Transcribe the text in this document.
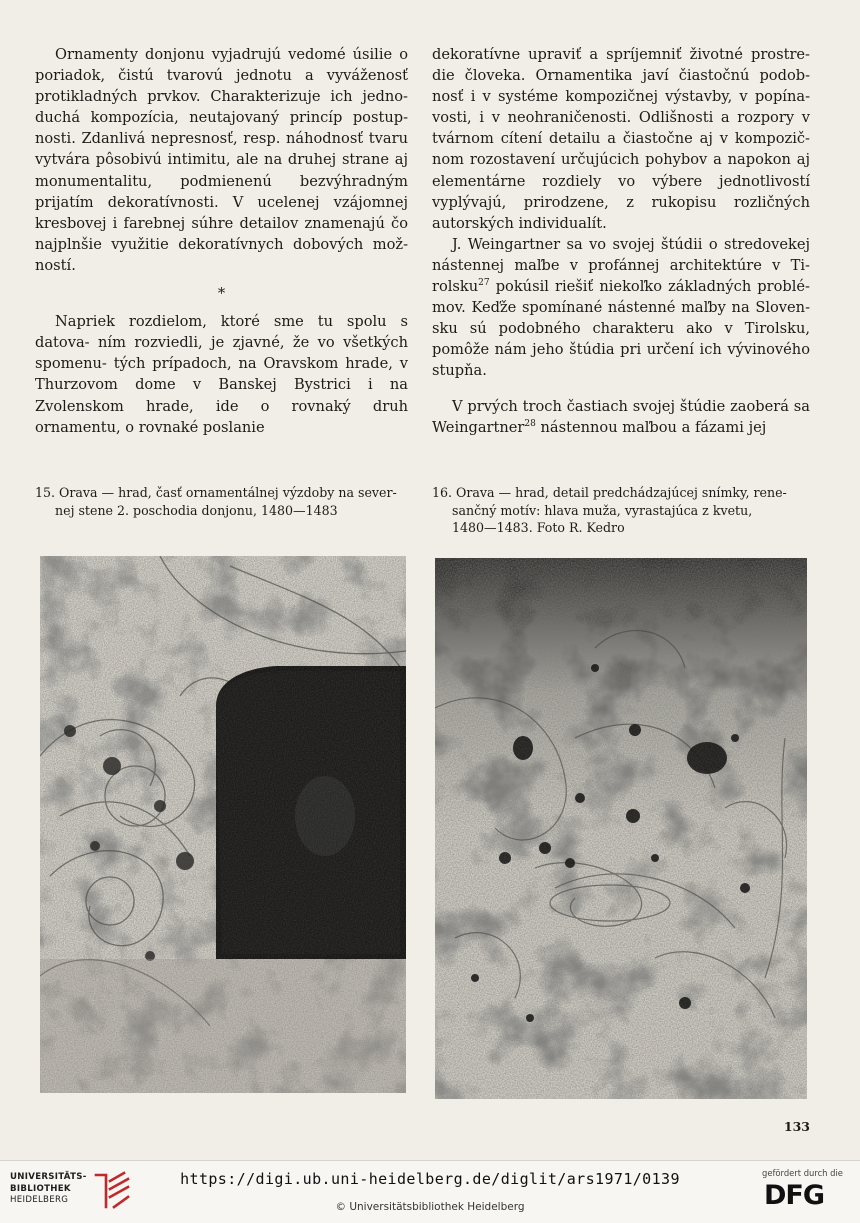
Ornamenty donjonu vyjadrujú vedomé úsilie o poriadok, čistú tvarovú jednotu a vyváženosť protikladných prvkov. Charakterizuje ich jedno- duchá kompozícia, neutajovaný princíp postup- nosti. Zdanlivá nepresnosť, resp. náhodnosť tvaru vytvára pôsobivú intimitu, ale na druhej strane aj monumentalitu, podmienenú bezvýhradným prijatím dekoratívnosti. V ucelenej vzájomnej kresbovej i farebnej súhre detailov znamenajú čo najplnšie využitie dekoratívnych dobových mož- ností.

*

Napriek rozdielom, ktoré sme tu spolu s datova- ním rozviedli, je zjavné, že vo všetkých spomenu- tých prípadoch, na Oravskom hrade, v Thurzovom dome v Banskej Bystrici i na Zvolenskom hrade, ide o rovnaký druh ornamentu, o rovnaké poslanie

dekoratívne upraviť a spríjemniť životné prostre- die človeka. Ornamentika javí čiastočnú podob- nosť i v systéme kompozičnej výstavby, v popína- vosti, i v neohraničenosti. Odlišnosti a rozpory v tvárnom cítení detailu a čiastočne aj v kompozič- nom rozostavení určujúcich pohybov a napokon aj elementárne rozdiely vo výbere jednotlivostí vyplývajú, prirodzene, z rukopisu rozličných autorských individualít.

J. Weingartner sa vo svojej štúdii o stredovekej nástennej maľbe v profánnej architektúre v Ti- rolsku$^{27}$ pokúsil riešiť niekoľko základných problé- mov. Keďže spomínané nástenné maľby na Sloven- sku sú podobného charakteru ako v Tirolsku, pomôže nám jeho štúdia pri určení ich vývinového stupňa.

V prvých troch častiach svojej štúdie zaoberá sa Weingartner$^{28}$ nástennou maľbou a fázami jej

15. Orava — hrad, časť ornamentálnej výzdoby na sever-
nej stene 2. poschodia donjonu, 1480—1483
16. Orava — hrad, detail predchádzajúcej snímky, rene-
sančný motív: hlava muža, vyrastajúca z kvetu,
1480—1483. Foto R. Kedro
133
UNIVERSITÄTS-
BIBLIOTHEK
HEIDELBERG
https://digi.ub.uni-heidelberg.de/diglit/ars1971/0139
© Universitätsbibliothek Heidelberg
gefördert durch die
DFG
